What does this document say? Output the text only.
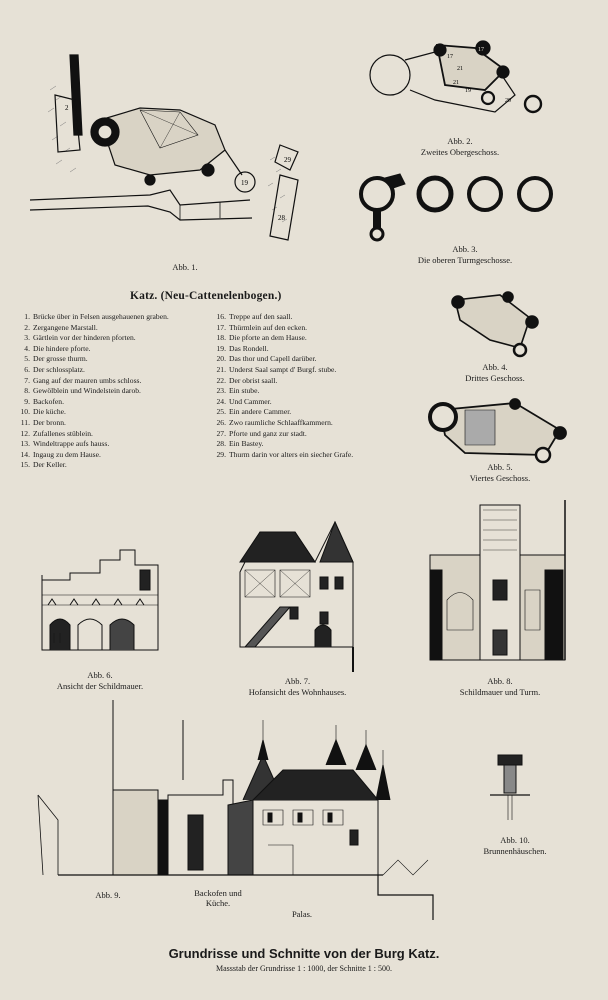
2
19
29
28
Abb. 1.
17
21
19
20
17
21
Abb. 2.
Zweites Obergeschoss.
Abb. 3.
Die oberen Turmgeschosse.
Katz. (Neu-Cattenelenbogen.)
1. Brücke über in Felsen ausgehauenen graben.
2. Zergangene Marstall.
3. Gärtlein vor der hinderen pforten.
4. Die hindere pforte.
5. Der grosse thurm.
6. Der schlossplatz.
7. Gang auf der mauren umbs schloss.
8. Gewölblein und Windelstein darob.
9. Backofen.
10. Die küche.
11. Der bronn.
12. Zufallenes stüblein.
13. Windeltrappe aufs hauss.
14. Ingaug zu dem Hause.
15. Der Keller.
16. Treppe auf den saall.
17. Thürmlein auf den ecken.
18. Die pforte an dem Hause.
19. Das Rondell.
20. Das thor und Capell darüber.
21. Underst Saal sampt d' Burgf. stube.
22. Der obrist saall.
23. Ein stube.
24. Und Cammer.
25. Ein andere Cammer.
26. Zwo raumliche Schlaaffkammern.
27. Pforte und ganz zur stadt.
28. Ein Bastey.
29. Thurm darin vor alters ein siecher Grafe.
Abb. 4.
Drittes Geschoss.
Abb. 5.
Viertes Geschoss.
Abb. 6.
Ansicht der Schildmauer.	Abb. 7.
Hofansicht des Wohnhauses.
Abb. 8.
Schildmauer und Turm.
Abb. 9.	Backofen und
Küche.
Palas.
Abb. 10.
Brunnenhäuschen.
Grundrisse und Schnitte von der Burg Katz.
Massstab der Grundrisse 1 : 1000, der Schnitte 1 : 500.
